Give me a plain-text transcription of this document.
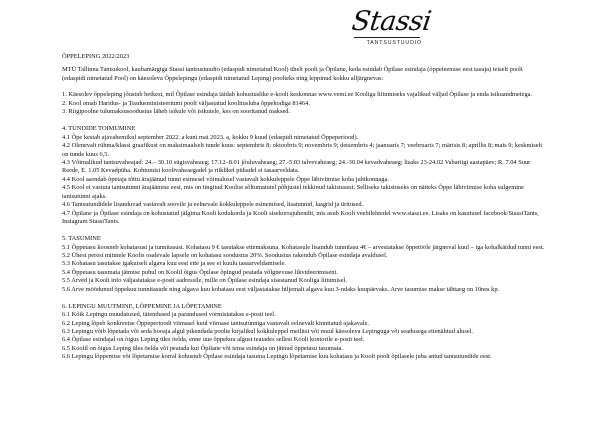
Stassi
TANTSUSTUUDIO

ÕPPELEPING 2022/2023

MTÜ Tallinna Tantsukool, kaubamärgiga Stassi tantsustuudio (edaspidi nimetatud Kool) ühelt poolt ja Õpilane, keda esindab Õpilase esindaja (õppeteenuse eest tasuja) teiselt poolt (edaspidi nimetatud Pool) on käesoleva Õppelepingu (edaspidi nimetatud Leping) poolteks ning leppinud kokku alljärgnevas:

1. Käesolev õppeleping jõustub hetkest, mil Õpilase esindaja täidab kohustuslike e-kooli keskonnas www.vemi.ee Kooliga liitumiseks vajalikud väljad Õpilase ja enda isikuandmetega.

2. Kool omab Haridus- ja Teadusministeeriumi poolt väljastatud koolitusluba õppekodiga 81464.

3. Riigipoolne tulumaksusoodustus läheb isikule või isikutele, kes on sooritanud maksed.

4. TUNDIDE TOIMUMINE

4.1 Õpe kestab ajavahemikul september 2022. a kuni mai 2023. a, kokku 9 kuud (edaspidi nimetatud Õppeperiood).

4.2 Olenevalt rühma/klassi graafikust on maksimaalselt tunde kuus: septembris 8; oktoobris 9; novembris 9; detsembris 4; jaanuaris 7; veebruaris 7; märtsis 8; aprillis 8; mais 9; keskmiselt on tunde kuus 6,5.

4.3 Võimalikud tantsuvaheajad: 24.– 30.10 sügisvaheaeg; 17.12–8.01 jõuluvaheaeg; 27.-5.03 talvevaheaeg; 24.-30.04 kevadvaheaeg; lisaks 23-24.02 Vabariigi aastapäev; R. 7.04 Suur Reede, E. 1.05 Kevadpüha. Kohtumisi koolivaheaegadel ja riiklikel pühadel ei tasaarveldata.

4.4 Kool asendab õpetaja tõttu ärajäänud tunni esimesel võimalusel vastavalt kokkuleppele Õppe läbiviimise koha juhtkonnaga.

4.5 Kool ei vastuta tantsutunni ärajäämise eest, mis on tingitud Koolist sõltumatutel põhjustel tekkinud takistusest. Selliseks takistuseks on näiteks Õppe läbiviimise koha sulgemine tantsutunni ajaks.

4.6 Tantsutundidele lisanduvad vastavalt soovile ja eelnevale kokkuleppele esinemised, lisatunnid, laagrid ja üritused.

4.7 Õpilane ja Õpilase esindaja on kohustatud jälgima Kooli kodukorda ja Kooli sisekorrajuhendit, mis asub Kooli veebilehtedel www.stassi.ee. Lisaks on kasutusel facebook/StassiTants, Instagram StassiTants.

5. TASUMINE

5.1 Õppetasu koosneb kohatasust ja tunnitasust. Kohatasu 9 € tasutakse ettemaksuna. Kohatasule lisandub tunnitasu 4€ – arvestatakse õppetööle järgneval kuul – iga kohalkäidud tunni eest.

5.2 Ühest perest mitmele Koolis osalevale lapsele on kohatasu soodustus 20%. Soodustus rakendub Õpilase esindaja avaldusel.

5.3 Kohatasu tasutakse igakuiselt algava kuu eest ette ja see ei kuulu tasaarveldamisele.

5.4 Õppetasu tasumata jätmise puhul on Koolil õigus Õpilase õpingud peatada võlgnevuse likvideerimiseni.

5.5 Arved ja Kooli info väljastatakse e-posti aadressile, mille on Õpilase esindaja sisestanud Kooliga liitumisel.

5.6 Arve möödunud õppekuu tunnitasude ning algava kuu kohatasu eest väljastatakse hiljemalt algava kuu 3-ndaks kuupäevaks. Arve tasumise makse tähtaeg on 10nes kp.

6. LEPINGU MUUTMINE, LÕPPEMINE JA LÕPETAMINE

6.1 Kõik Lepingu muudatused, täiendused ja parandused vormistatakse e-posti teel.

6.2 Leping lõpeb konkreetse Õppeperioodi viimasel kuul viimase tantsutunniga vastavalt eelnevalt kinnitatud ajakavale.

6.3 Lepingu võib lõpetada või seda hooaja algul pikendada poolte kirjalikul kokkuleppel meilitsi või muul käesoleva Lepinguga või seadusega ettenähtud alusel.

6.4 Õpilase esindajal on õigus Leping üles öelda, enne uue õppekuu algust teatades sellest Kooli kontorile e-posti teel.

6.5 Koolil on õigus Leping üles öelda või peatada kui Õpilane või tema esindaja on jätnud õppetasu tasumata.

6.6 Lepingu lõppemise või lõpetamise korral kohustub Õpilase esindaja tasuma Lepingu lõpetamise kuu kohatasu ja Kooli poolt õpilasele juba antud tantsutundide eest.
